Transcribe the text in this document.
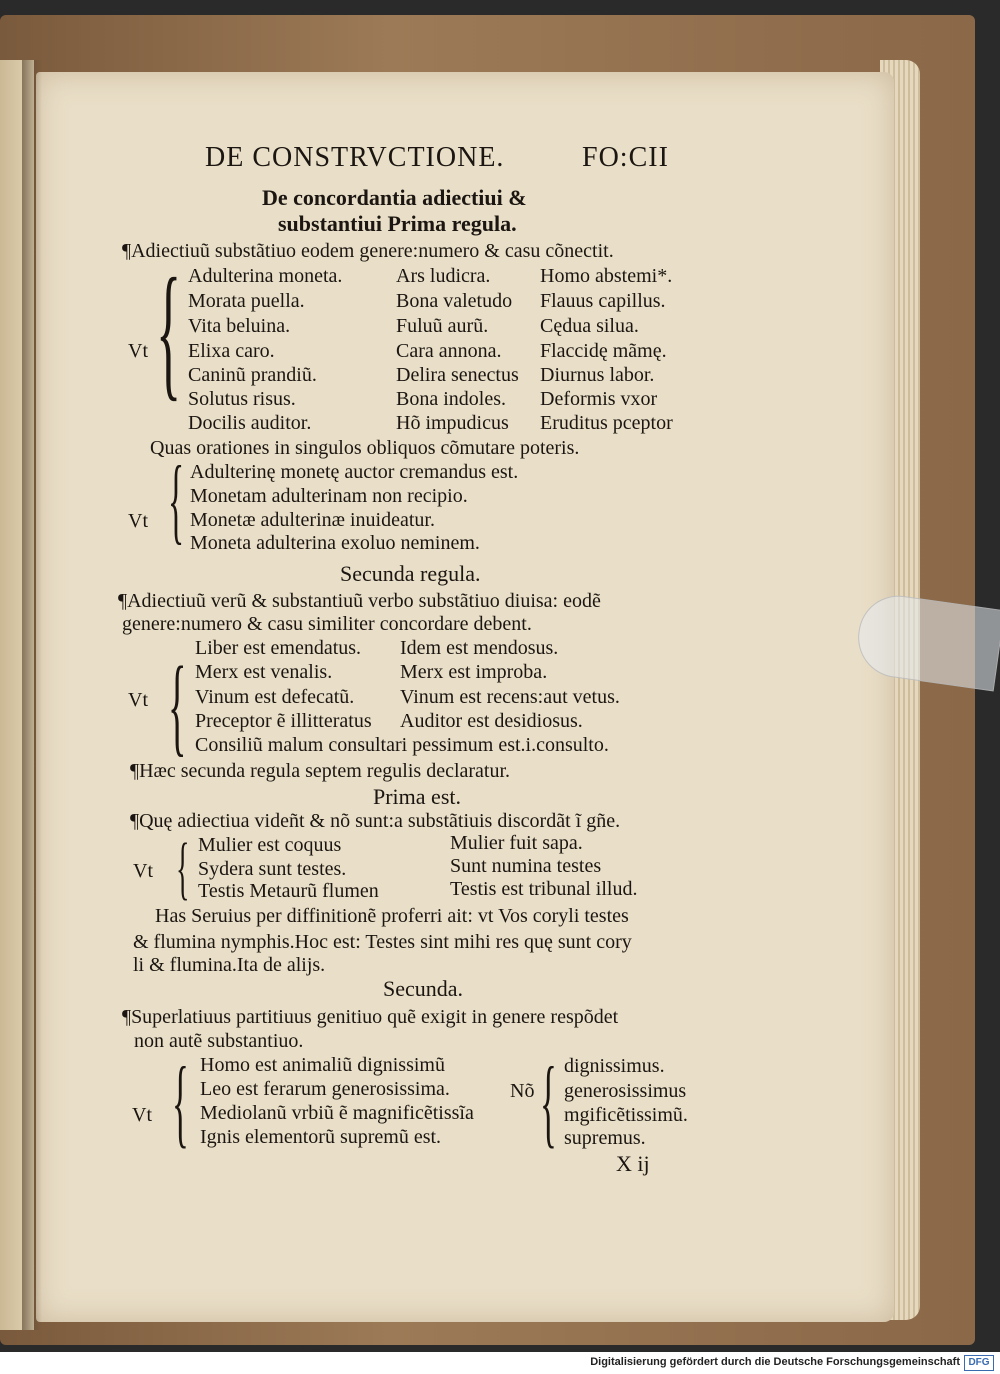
DE CONSTRVCTIONE.	FO:CII

De concordantia adiectiui &

substantiui Prima regula.

¶Adiectiuũ substãtiuo eodem genere:numero & casu cõnectit.

Vt { Adulterina moneta.

Morata puella.

Vita beluina.

Elixa caro.

Caninũ prandiũ.

Solutus risus.

Docilis auditor.

Ars ludicra.

Bona valetudo

Fuluũ aurũ.

Cara annona.

Delira senectus

Bona indoles.

Hõ impudicus

Homo abstemi*.

Flauus capillus.

Cędua silua.

Flaccidę mãmę.

Diurnus labor.

Deformis vxor

Eruditus pceptor

Quas orationes in singulos obliquos cõmutare poteris.

Vt { Adulterinę monetę auctor cremandus est.

Monetam adulterinam non recipio.

Monetæ adulterinæ inuideatur.

Moneta adulterina exoluo neminem.

Secunda regula.

¶Adiectiuũ verũ & substantiuũ verbo substãtiuo diuisa: eodẽ

genere:numero & casu similiter concordare debent.

Vt { Liber est emendatus.

Merx est venalis.

Vinum est defecatũ.

Preceptor ẽ illitteratus

Consiliũ malum consultari pessimum est.i.consulto.

Idem est mendosus.

Merx est improba.

Vinum est recens:aut vetus.

Auditor est desidiosus.

¶Hæc secunda regula septem regulis declaratur.

Prima est.

¶Quę adiectiua videñt & nõ sunt:a substãtiuis discordãt ĩ gñe.

Vt { Mulier est coquus

Sydera sunt testes.

Testis Metaurũ flumen

Mulier fuit sapa.

Sunt numina testes

Testis est tribunal illud.

Has Seruius per diffinitionẽ proferri ait: vt Vos coryli testes

& flumina nymphis.Hoc est: Testes sint mihi res quę sunt cory

li & flumina.Ita de alijs.

Secunda.

¶Superlatiuus partitiuus genitiuo quẽ exigit in genere respõdet

non autẽ substantiuo.

Vt { Homo est animaliũ dignissimũ

Leo est ferarum generosissima.

Mediolanũ vrbiũ ẽ magnificẽtissĩa

Ignis elementorũ supremũ est.

Nõ { dignissimus.

generosissimus

mgificẽtissimũ.

supremus.

X ij

Digitalisierung gefördert durch die Deutsche Forschungsgemeinschaft DFG
